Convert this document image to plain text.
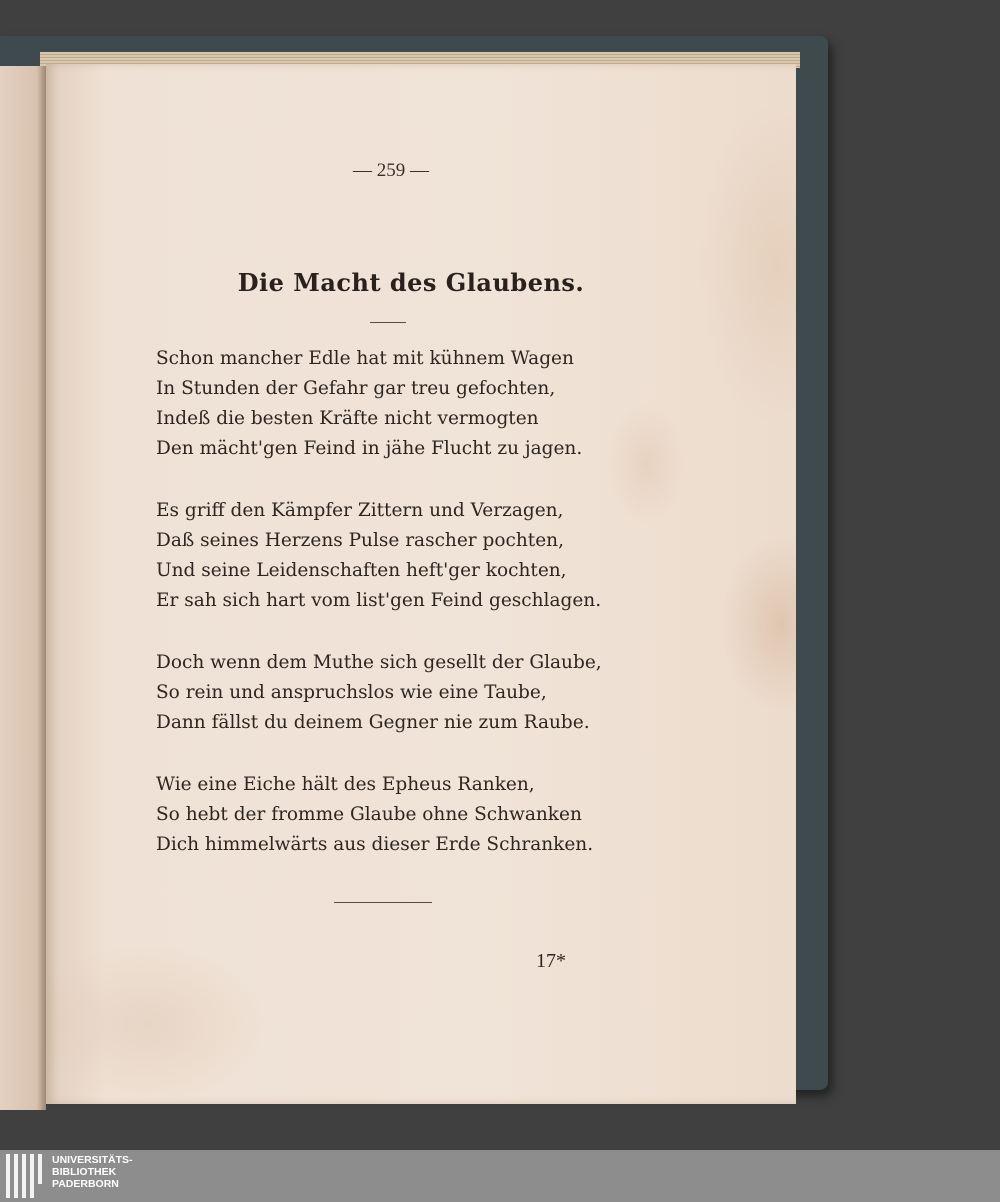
— 259 —
Die Macht des Glaubens.
Schon mancher Edle hat mit kühnem Wagen
In Stunden der Gefahr gar treu gefochten,
Indeß die besten Kräfte nicht vermogten
Den mächt'gen Feind in jähe Flucht zu jagen.
Es griff den Kämpfer Zittern und Verzagen,
Daß seines Herzens Pulse rascher pochten,
Und seine Leidenschaften heft'ger kochten,
Er sah sich hart vom list'gen Feind geschlagen.
Doch wenn dem Muthe sich gesellt der Glaube,
So rein und anspruchslos wie eine Taube,
Dann fällst du deinem Gegner nie zum Raube.
Wie eine Eiche hält des Epheus Ranken,
So hebt der fromme Glaube ohne Schwanken
Dich himmelwärts aus dieser Erde Schranken.
17*
UNIVERSITÄTS-
BIBLIOTHEK
PADERBORN
